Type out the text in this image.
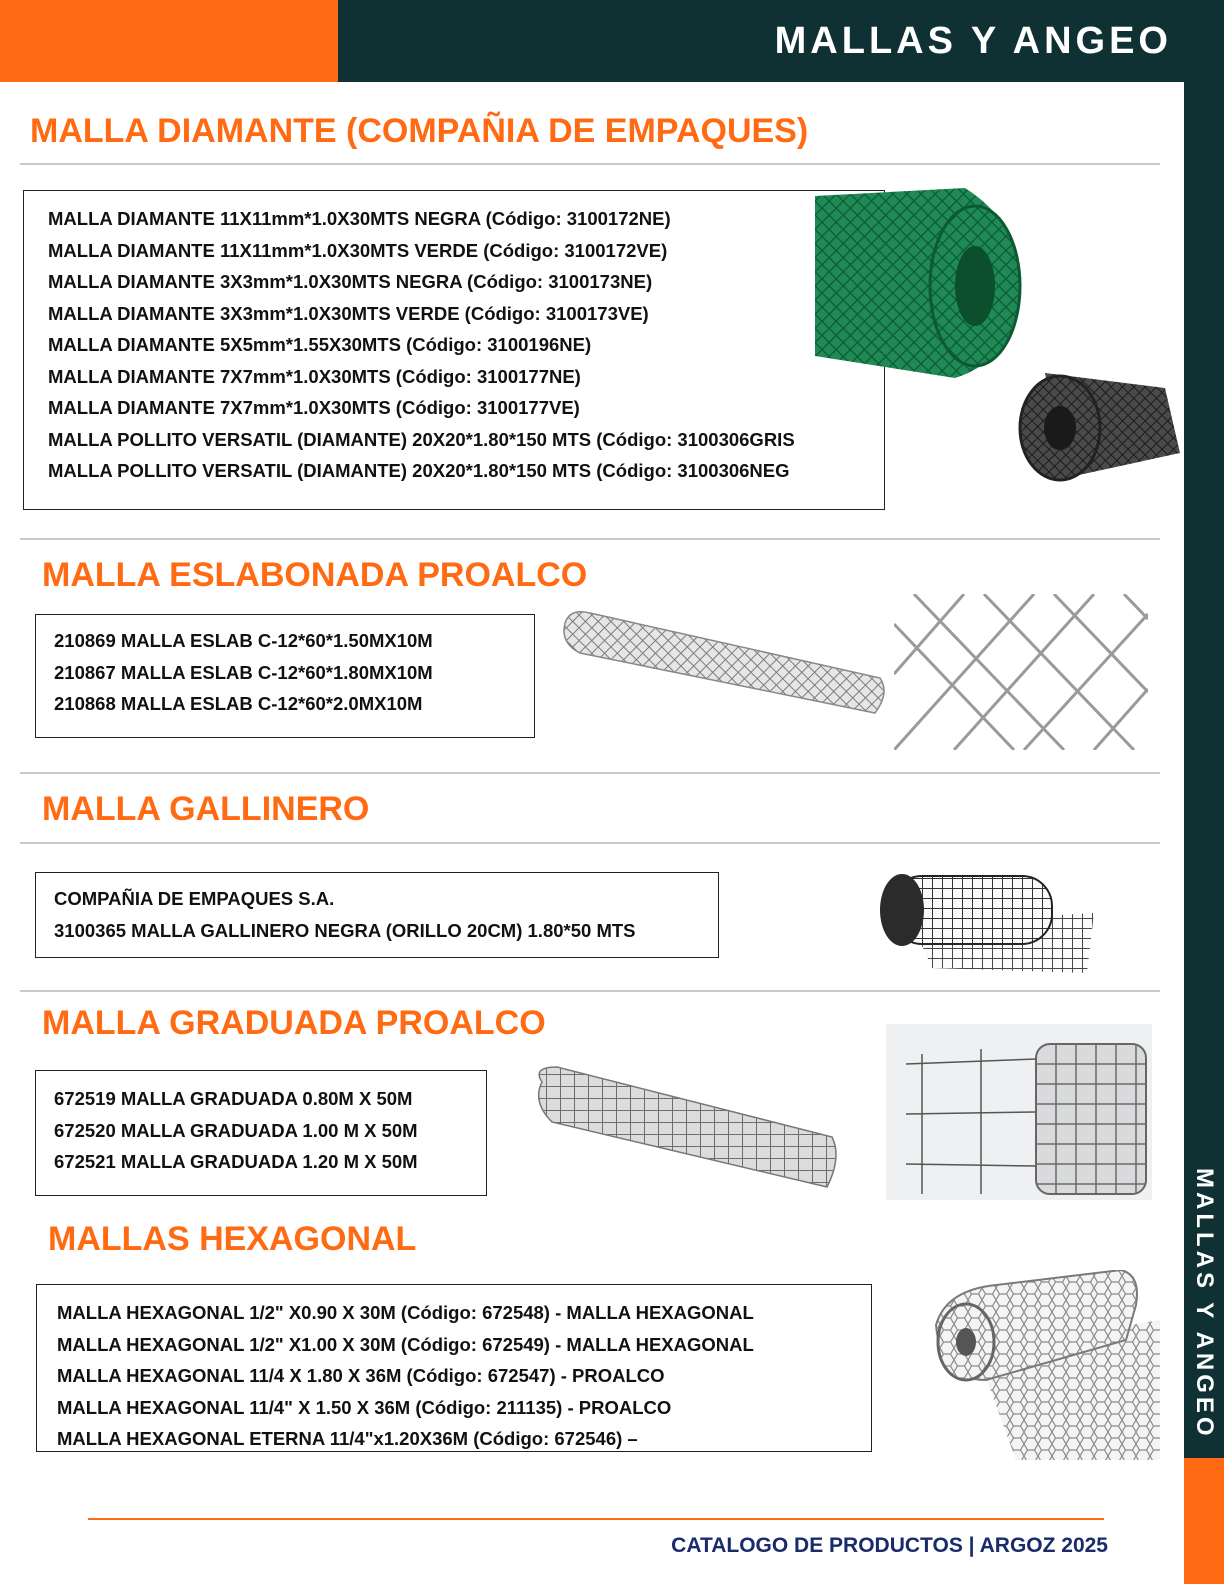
MALLAS Y ANGEO
MALLAS Y ANGEO
MALLA DIAMANTE (COMPAÑIA DE EMPAQUES)
MALLA DIAMANTE 11X11mm*1.0X30MTS NEGRA (Código: 3100172NE)
MALLA DIAMANTE 11X11mm*1.0X30MTS VERDE (Código: 3100172VE)
MALLA DIAMANTE 3X3mm*1.0X30MTS NEGRA (Código: 3100173NE)
MALLA DIAMANTE 3X3mm*1.0X30MTS VERDE (Código: 3100173VE)
MALLA DIAMANTE 5X5mm*1.55X30MTS (Código: 3100196NE)
MALLA DIAMANTE 7X7mm*1.0X30MTS (Código: 3100177NE)
MALLA DIAMANTE 7X7mm*1.0X30MTS (Código: 3100177VE)
MALLA POLLITO VERSATIL (DIAMANTE) 20X20*1.80*150 MTS (Código: 3100306GRIS
MALLA POLLITO VERSATIL (DIAMANTE) 20X20*1.80*150 MTS (Código: 3100306NEG
MALLA ESLABONADA PROALCO
210869 MALLA ESLAB C-12*60*1.50MX10M
210867 MALLA ESLAB C-12*60*1.80MX10M
210868 MALLA ESLAB C-12*60*2.0MX10M
MALLA GALLINERO
COMPAÑIA DE EMPAQUES S.A.
3100365 MALLA GALLINERO NEGRA (ORILLO 20CM) 1.80*50 MTS
MALLA GRADUADA PROALCO
672519 MALLA GRADUADA 0.80M X 50M
672520 MALLA GRADUADA 1.00 M X 50M
672521 MALLA GRADUADA 1.20 M X 50M
MALLAS HEXAGONAL
MALLA HEXAGONAL 1/2" X0.90 X 30M (Código: 672548) - MALLA HEXAGONAL
MALLA HEXAGONAL 1/2" X1.00 X 30M (Código: 672549) - MALLA HEXAGONAL
MALLA HEXAGONAL 11/4 X 1.80 X 36M (Código: 672547) - PROALCO
MALLA HEXAGONAL 11/4" X 1.50 X 36M (Código: 211135) - PROALCO
MALLA HEXAGONAL ETERNA 11/4"x1.20X36M (Código: 672546) –
CATALOGO DE PRODUCTOS | ARGOZ 2025
